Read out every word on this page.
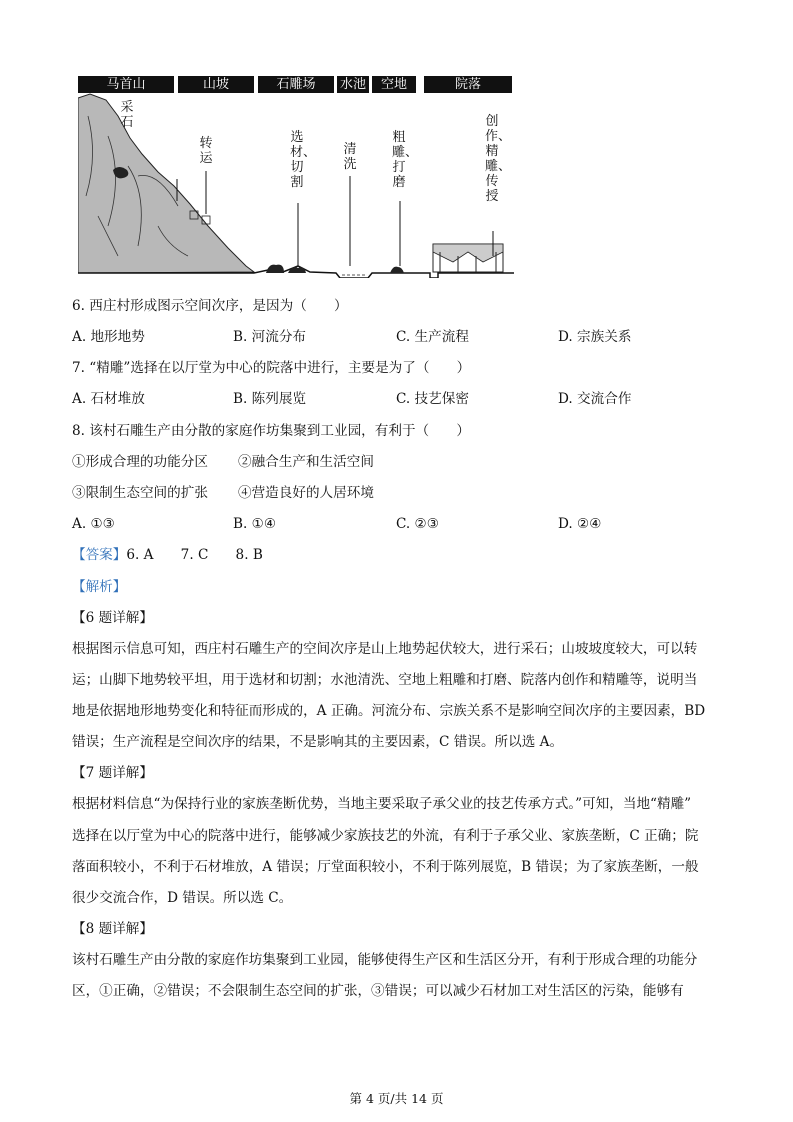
马首山	山坡	石雕场	水池	空地	院落
采石
转运
选材、切割
清洗
粗雕、打磨
创作、精雕、传授
6. 西庄村形成图示空间次序，是因为（　　）
A. 地形地势	B. 河流分布	C. 生产流程	D. 宗族关系
7. “精雕”选择在以厅堂为中心的院落中进行，主要是为了（　　）
A. 石材堆放	B. 陈列展览	C. 技艺保密	D. 交流合作
8. 该村石雕生产由分散的家庭作坊集聚到工业园，有利于（　　）
①形成合理的功能分区 ②融合生产和生活空间
③限制生态空间的扩张 ④营造良好的人居环境
A. ①③	B. ①④	C. ②③	D. ②④
【答案】6. A　　7. C　　8. B
【解析】
【6 题详解】
根据图示信息可知，西庄村石雕生产的空间次序是山上地势起伏较大，进行采石；山坡坡度较大，可以转
运；山脚下地势较平坦，用于选材和切割；水池清洗、空地上粗雕和打磨、院落内创作和精雕等，说明当
地是依据地形地势变化和特征而形成的，A 正确。河流分布、宗族关系不是影响空间次序的主要因素，BD
错误；生产流程是空间次序的结果，不是影响其的主要因素，C 错误。所以选 A。
【7 题详解】
根据材料信息“为保持行业的家族垄断优势，当地主要采取子承父业的技艺传承方式。”可知，当地“精雕”
选择在以厅堂为中心的院落中进行，能够减少家族技艺的外流，有利于子承父业、家族垄断，C 正确；院
落面积较小，不利于石材堆放，A 错误；厅堂面积较小，不利于陈列展览，B 错误；为了家族垄断，一般
很少交流合作，D 错误。所以选 C。
【8 题详解】
该村石雕生产由分散的家庭作坊集聚到工业园，能够使得生产区和生活区分开，有利于形成合理的功能分
区，①正确，②错误；不会限制生态空间的扩张，③错误；可以减少石材加工对生活区的污染，能够有
第 4 页/共 14 页
